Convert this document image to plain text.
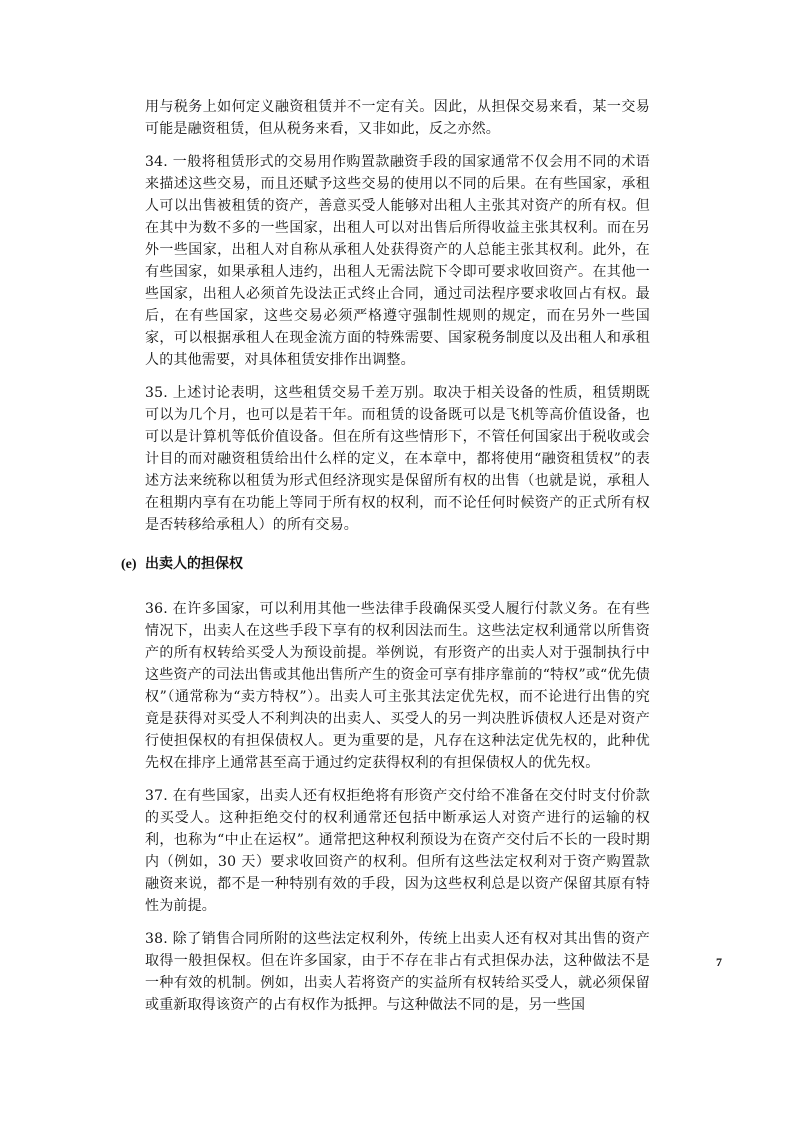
用与税务上如何定义融资租赁并不一定有关。因此，从担保交易来看，某一交易可能是融资租赁，但从税务来看，又非如此，反之亦然。

34. 一般将租赁形式的交易用作购置款融资手段的国家通常不仅会用不同的术语来描述这些交易，而且还赋予这些交易的使用以不同的后果。在有些国家，承租人可以出售被租赁的资产，善意买受人能够对出租人主张其对资产的所有权。但在其中为数不多的一些国家，出租人可以对出售后所得收益主张其权利。而在另外一些国家，出租人对自称从承租人处获得资产的人总能主张其权利。此外，在有些国家，如果承租人违约，出租人无需法院下令即可要求收回资产。在其他一些国家，出租人必须首先设法正式终止合同，通过司法程序要求收回占有权。最后，在有些国家，这些交易必须严格遵守强制性规则的规定，而在另外一些国家，可以根据承租人在现金流方面的特殊需要、国家税务制度以及出租人和承租人的其他需要，对具体租赁安排作出调整。

35. 上述讨论表明，这些租赁交易千差万别。取决于相关设备的性质，租赁期既可以为几个月，也可以是若干年。而租赁的设备既可以是飞机等高价值设备，也可以是计算机等低价值设备。但在所有这些情形下，不管任何国家出于税收或会计目的而对融资租赁给出什么样的定义，在本章中，都将使用“融资租赁权”的表述方法来统称以租赁为形式但经济现实是保留所有权的出售（也就是说，承租人在租期内享有在功能上等同于所有权的权利，而不论任何时候资产的正式所有权是否转移给承租人）的所有交易。

(e) 出卖人的担保权

36. 在许多国家，可以利用其他一些法律手段确保买受人履行付款义务。在有些情况下，出卖人在这些手段下享有的权利因法而生。这些法定权利通常以所售资产的所有权转给买受人为预设前提。举例说，有形资产的出卖人对于强制执行中这些资产的司法出售或其他出售所产生的资金可享有排序靠前的“特权”或“优先债权”（通常称为“卖方特权”）。出卖人可主张其法定优先权，而不论进行出售的究竟是获得对买受人不利判决的出卖人、买受人的另一判决胜诉债权人还是对资产行使担保权的有担保债权人。更为重要的是，凡存在这种法定优先权的，此种优先权在排序上通常甚至高于通过约定获得权利的有担保债权人的优先权。

37. 在有些国家，出卖人还有权拒绝将有形资产交付给不准备在交付时支付价款的买受人。这种拒绝交付的权利通常还包括中断承运人对资产进行的运输的权利，也称为“中止在运权”。通常把这种权利预设为在资产交付后不长的一段时期内（例如，30 天）要求收回资产的权利。但所有这些法定权利对于资产购置款融资来说，都不是一种特别有效的手段，因为这些权利总是以资产保留其原有特性为前提。

38. 除了销售合同所附的这些法定权利外，传统上出卖人还有权对其出售的资产取得一般担保权。但在许多国家，由于不存在非占有式担保办法，这种做法不是一种有效的机制。例如，出卖人若将资产的实益所有权转给买受人，就必须保留或重新取得该资产的占有权作为抵押。与这种做法不同的是，另一些国

7
